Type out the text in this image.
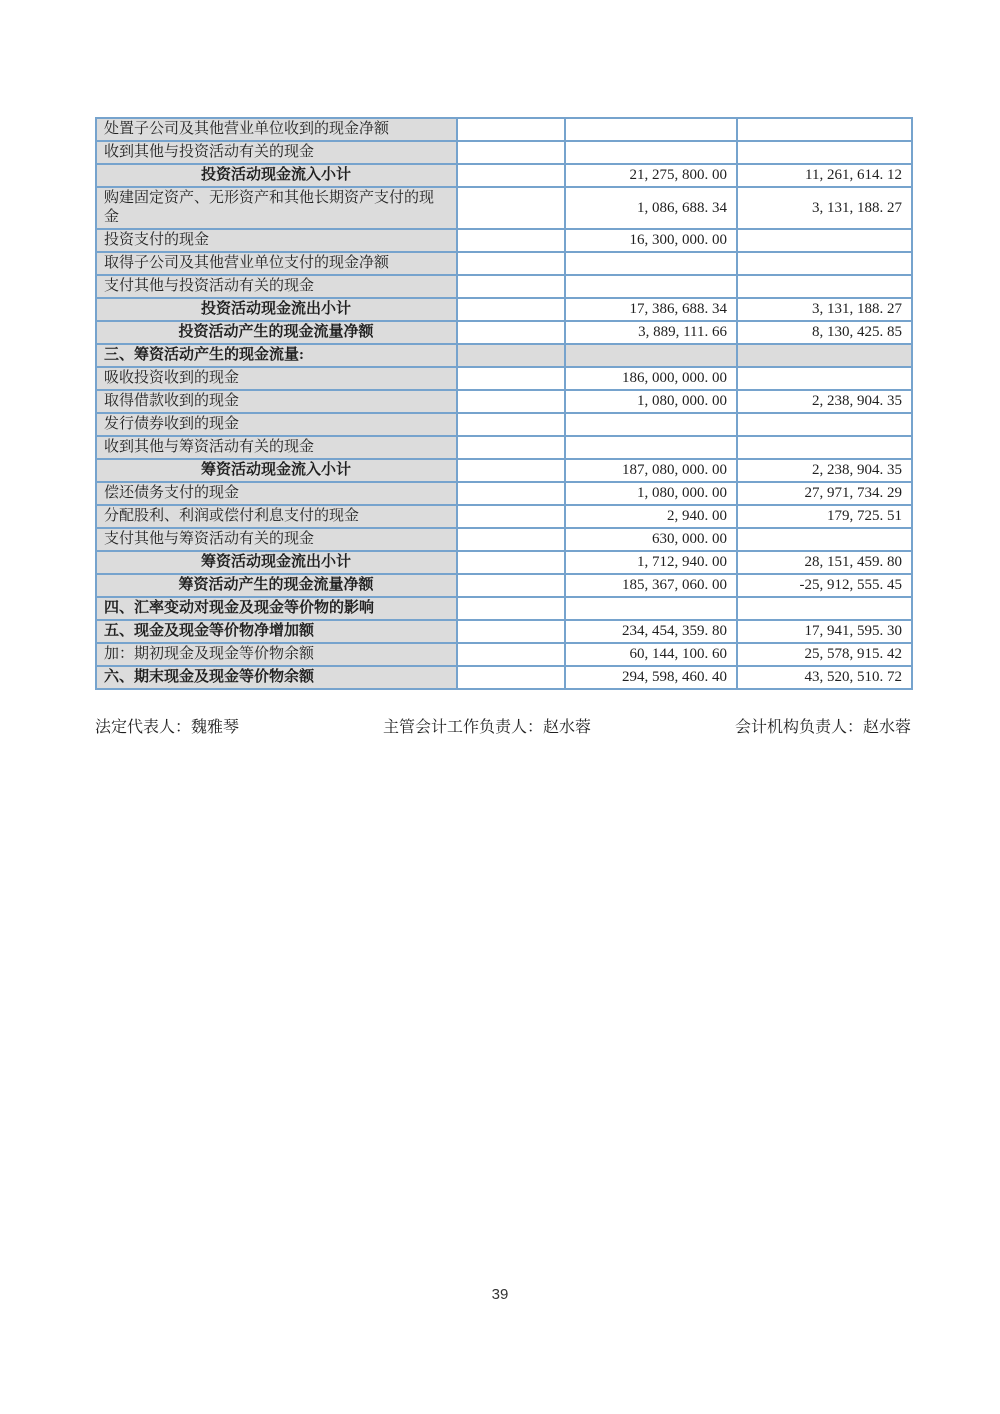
处置子公司及其他营业单位收到的现金净额			
收到其他与投资活动有关的现金			
投资活动现金流入小计		21, 275, 800. 00	11, 261, 614. 12
购建固定资产、无形资产和其他长期资产支付的现金		1, 086, 688. 34	3, 131, 188. 27
投资支付的现金		16, 300, 000. 00	
取得子公司及其他营业单位支付的现金净额			
支付其他与投资活动有关的现金			
投资活动现金流出小计		17, 386, 688. 34	3, 131, 188. 27
投资活动产生的现金流量净额		3, 889, 111. 66	8, 130, 425. 85
三、筹资活动产生的现金流量:			
吸收投资收到的现金		186, 000, 000. 00	
取得借款收到的现金		1, 080, 000. 00	2, 238, 904. 35
发行债券收到的现金			
收到其他与筹资活动有关的现金			
筹资活动现金流入小计		187, 080, 000. 00	2, 238, 904. 35
偿还债务支付的现金		1, 080, 000. 00	27, 971, 734. 29
分配股利、利润或偿付利息支付的现金		2, 940. 00	179, 725. 51
支付其他与筹资活动有关的现金		630, 000. 00	
筹资活动现金流出小计		1, 712, 940. 00	28, 151, 459. 80
筹资活动产生的现金流量净额		185, 367, 060. 00	-25, 912, 555. 45
四、汇率变动对现金及现金等价物的影响			
五、现金及现金等价物净增加额		234, 454, 359. 80	17, 941, 595. 30
加：期初现金及现金等价物余额		60, 144, 100. 60	25, 578, 915. 42
六、期末现金及现金等价物余额		294, 598, 460. 40	43, 520, 510. 72
法定代表人：魏雅琴	主管会计工作负责人：赵水蓉	会计机构负责人：赵水蓉
39
